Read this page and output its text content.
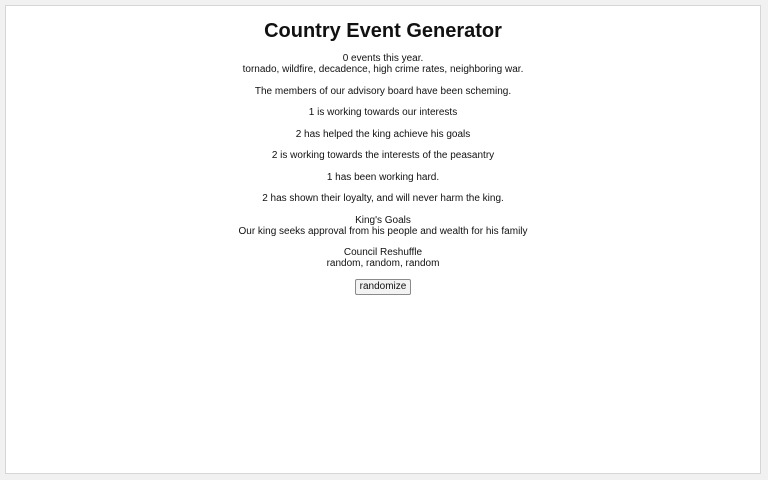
Country Event Generator
0 events this year.
tornado, wildfire, decadence, high crime rates, neighboring war.
The members of our advisory board have been scheming.
1 is working towards our interests
2 has helped the king achieve his goals
2 is working towards the interests of the peasantry
1 has been working hard.
2 has shown their loyalty, and will never harm the king.
King's Goals
Our king seeks approval from his people and wealth for his family
Council Reshuffle
random, random, random
randomize
